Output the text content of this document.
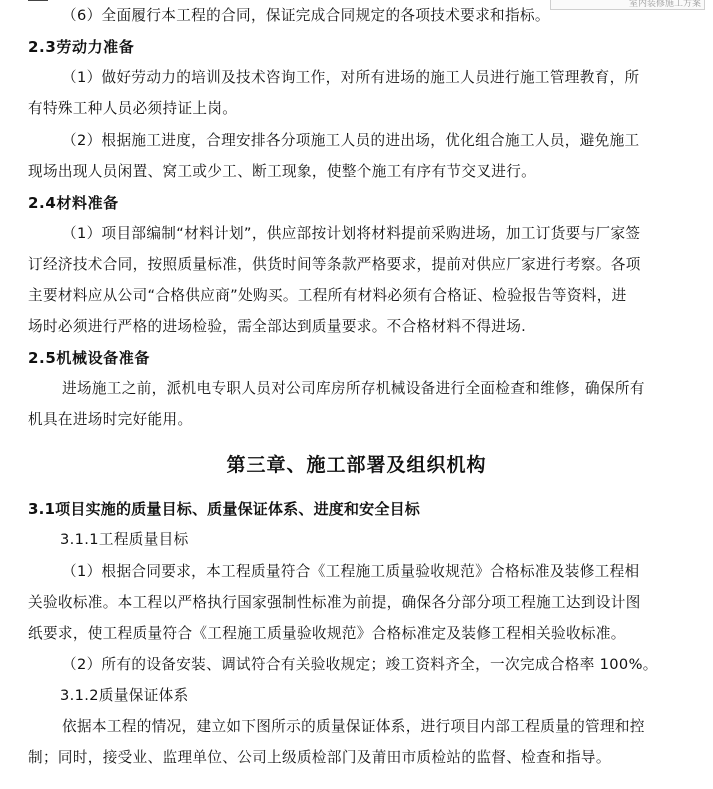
室内装修施工方案
（6）全面履行本工程的合同，保证完成合同规定的各项技术要求和指标。
2.3劳动力准备
（1）做好劳动力的培训及技术咨询工作，对所有进场的施工人员进行施工管理教育，所
有特殊工种人员必须持证上岗。
（2）根据施工进度，合理安排各分项施工人员的进出场，优化组合施工人员，避免施工
现场出现人员闲置、窝工或少工、断工现象，使整个施工有序有节交叉进行。
2.4材料准备
（1）项目部编制“材料计划”，供应部按计划将材料提前采购进场，加工订货要与厂家签
订经济技术合同，按照质量标准，供货时间等条款严格要求，提前对供应厂家进行考察。各项
主要材料应从公司“合格供应商”处购买。工程所有材料必须有合格证、检验报告等资料，进
场时必须进行严格的进场检验，需全部达到质量要求。不合格材料不得进场.
2.5机械设备准备
进场施工之前，派机电专职人员对公司库房所存机械设备进行全面检查和维修，确保所有
机具在进场时完好能用。
第三章、施工部署及组织机构
3.1项目实施的质量目标、质量保证体系、进度和安全目标
3.1.1工程质量目标
（1）根据合同要求，本工程质量符合《工程施工质量验收规范》合格标准及装修工程相
关验收标准。本工程以严格执行国家强制性标准为前提，确保各分部分项工程施工达到设计图
纸要求，使工程质量符合《工程施工质量验收规范》合格标准定及装修工程相关验收标准。
（2）所有的设备安装、调试符合有关验收规定；竣工资料齐全，一次完成合格率 100%。
3.1.2质量保证体系
依据本工程的情况，建立如下图所示的质量保证体系，进行项目内部工程质量的管理和控
制；同时，接受业、监理单位、公司上级质检部门及莆田市质检站的监督、检查和指导。
